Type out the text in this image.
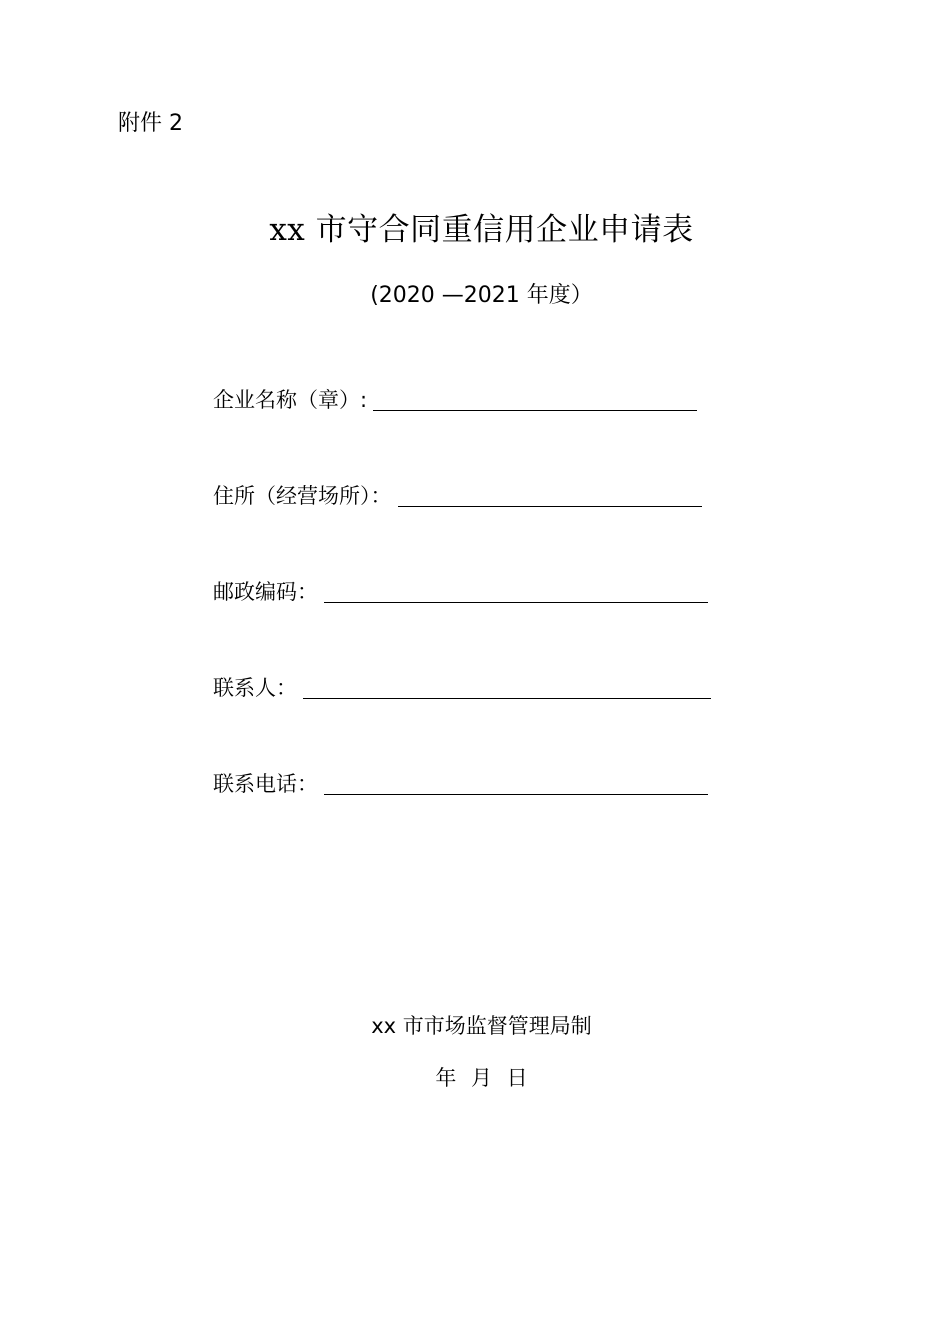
附件 2
xx 市守合同重信用企业申请表
(2020 —2021 年度）
企业名称（章）:
住所（经营场所）：
邮政编码：
联系人：
联系电话：
xx 市市场监督管理局制
年 月 日
